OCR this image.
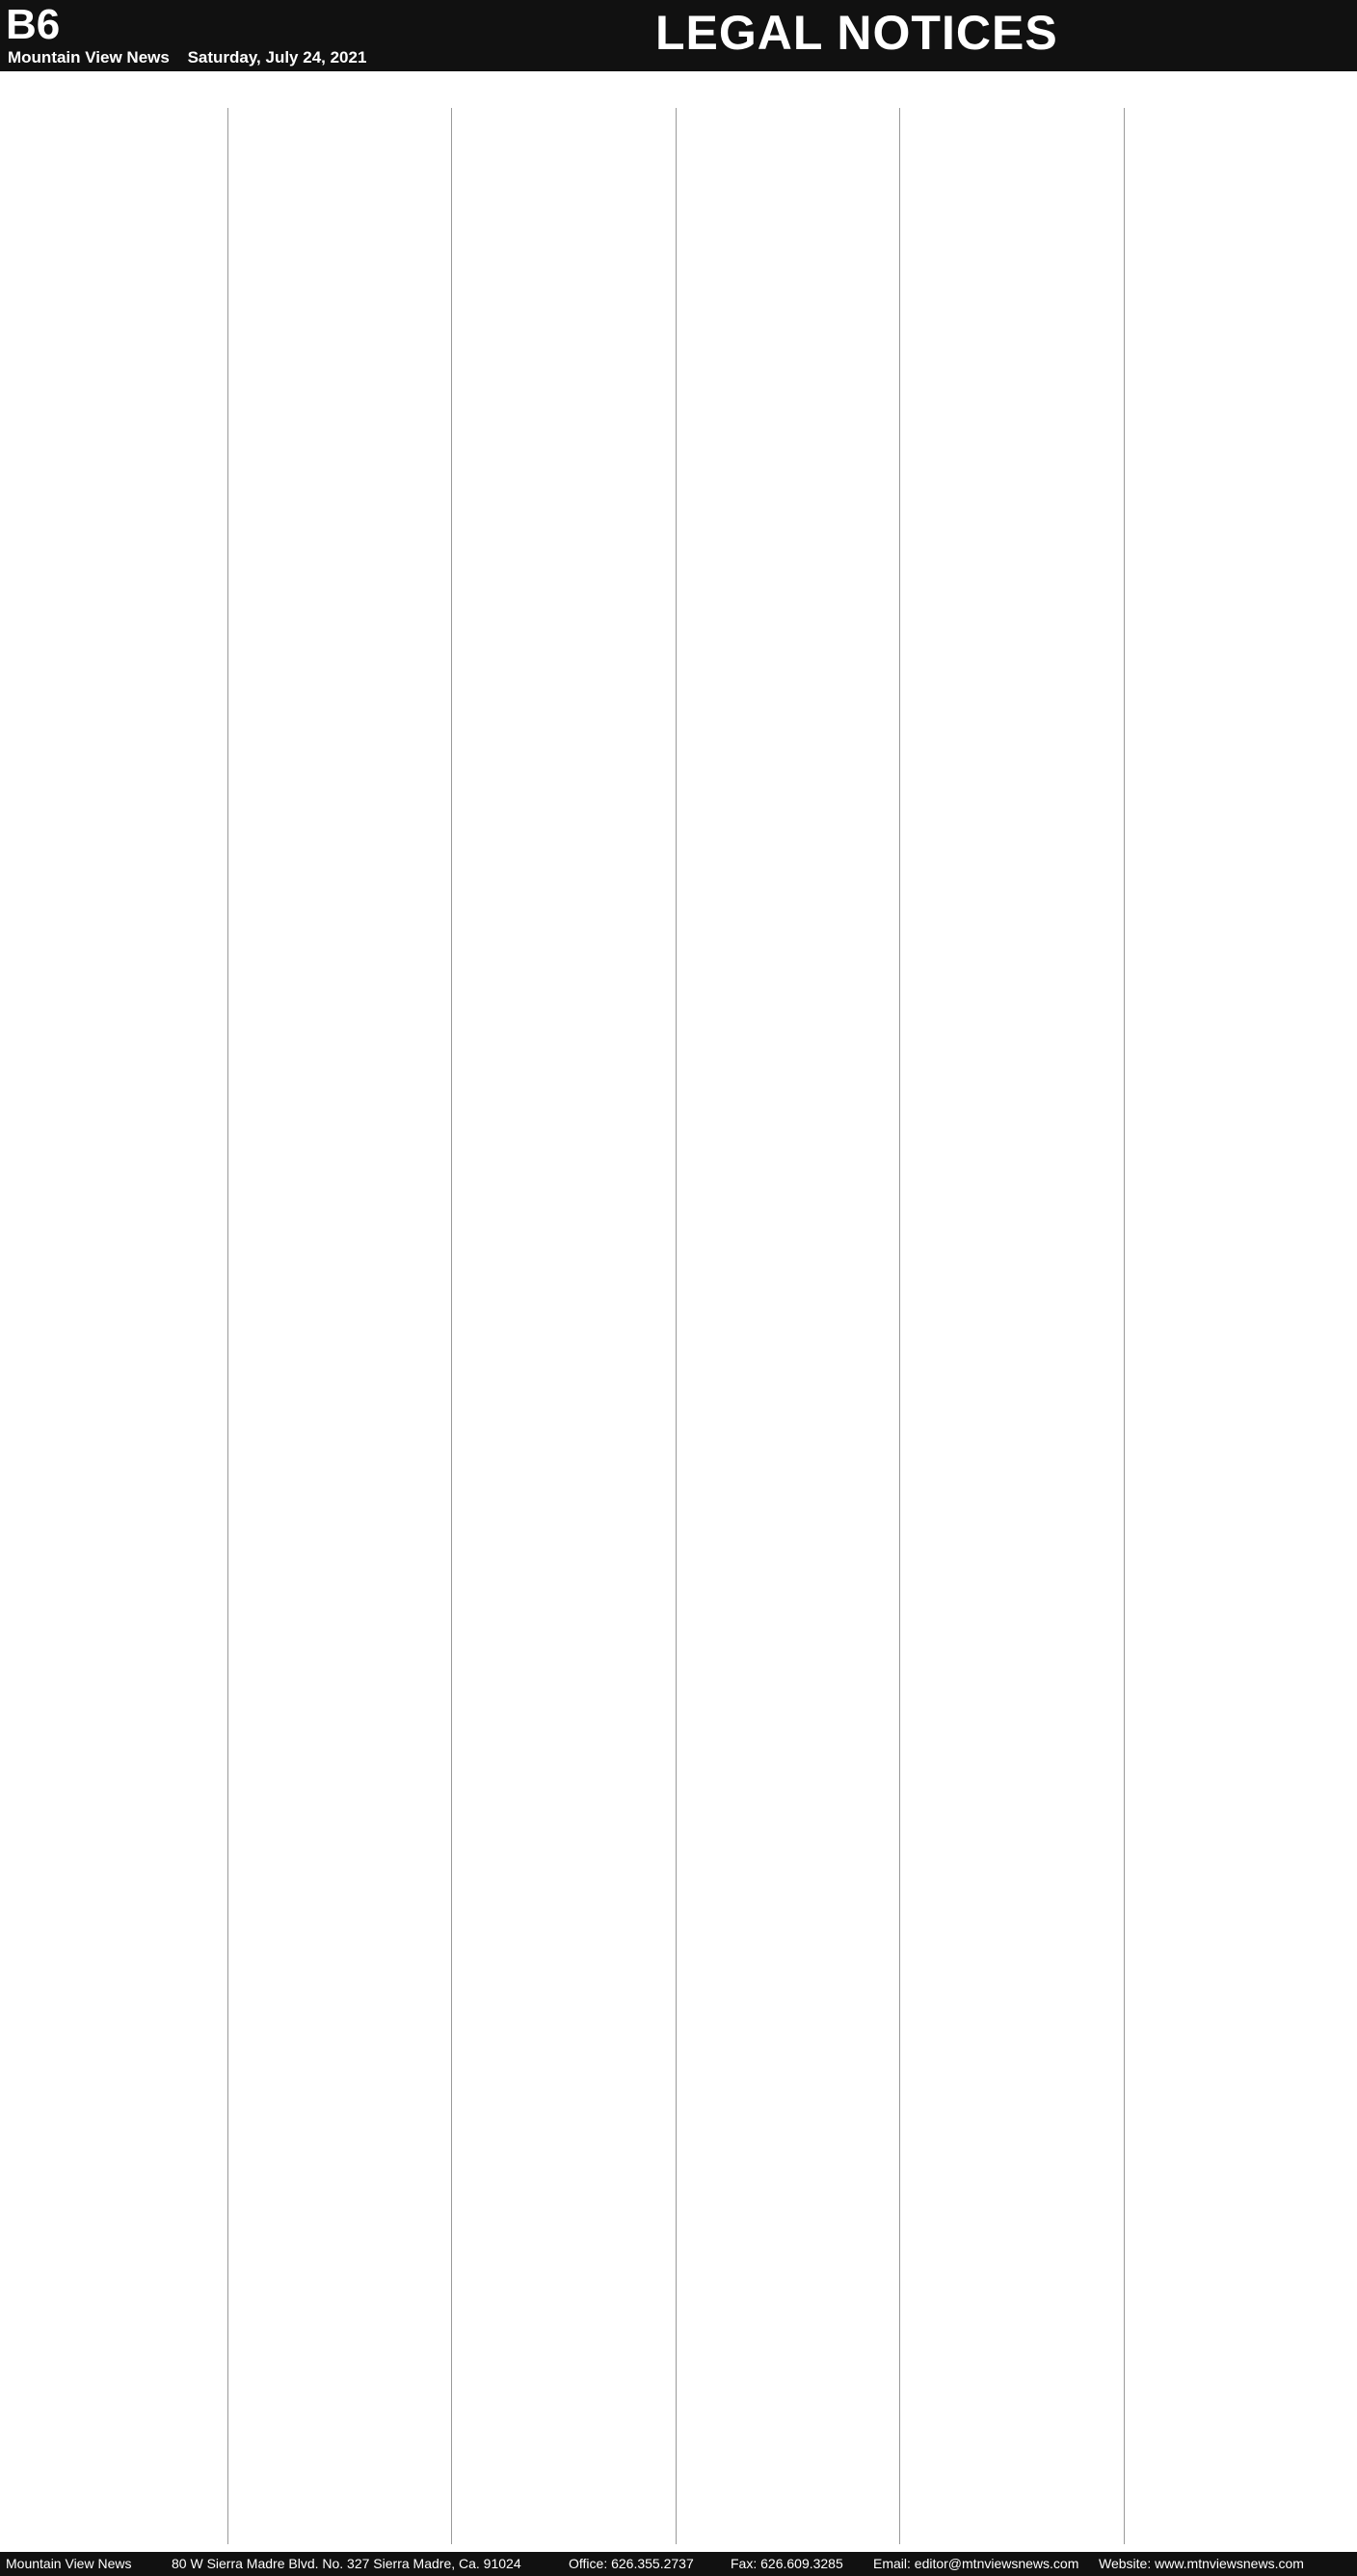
B6
Mountain View News Saturday, July 24, 2021	LEGAL NOTICES

Mountain View News	80 W Sierra Madre Blvd. No. 327 Sierra Madre, Ca. 91024	Office: 626.355.2737	Fax: 626.609.3285 Email: editor@mtnviewsnews.com Website: www.mtnviewsnews.com
